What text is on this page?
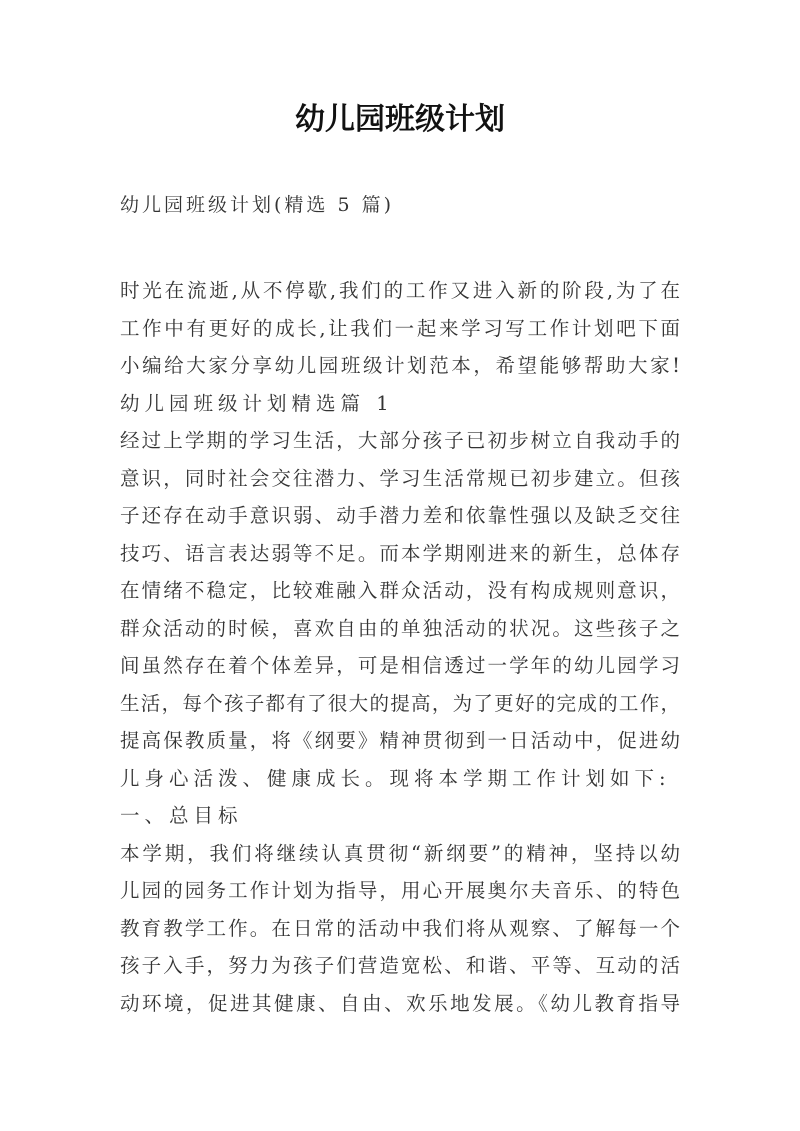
幼儿园班级计划
幼儿园班级计划(精选 5 篇)
时光在流逝,从不停歇,我们的工作又进入新的阶段,为了在
工作中有更好的成长,让我们一起来学习写工作计划吧下面
小编给大家分享幼儿园班级计划范本，希望能够帮助大家!
幼儿园班级计划精选篇 1
经过上学期的学习生活，大部分孩子已初步树立自我动手的
意识，同时社会交往潜力、学习生活常规已初步建立。但孩
子还存在动手意识弱、动手潜力差和依靠性强以及缺乏交往
技巧、语言表达弱等不足。而本学期刚进来的新生，总体存
在情绪不稳定，比较难融入群众活动，没有构成规则意识，
群众活动的时候，喜欢自由的单独活动的状况。这些孩子之
间虽然存在着个体差异，可是相信透过一学年的幼儿园学习
生活，每个孩子都有了很大的提高，为了更好的完成的工作，
提高保教质量，将《纲要》精神贯彻到一日活动中，促进幼
儿身心活泼、健康成长。现将本学期工作计划如下:
一、总目标
本学期，我们将继续认真贯彻“新纲要”的精神，坚持以幼
儿园的园务工作计划为指导，用心开展奥尔夫音乐、的特色
教育教学工作。在日常的活动中我们将从观察、了解每一个
孩子入手，努力为孩子们营造宽松、和谐、平等、互动的活
动环境，促进其健康、自由、欢乐地发展。《幼儿教育指导
